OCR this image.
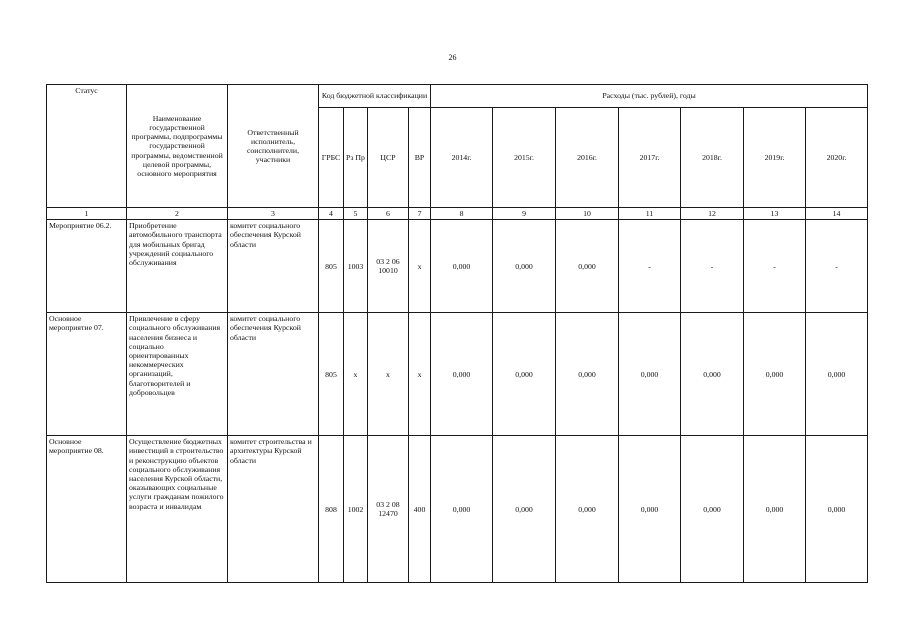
26
Статус	Наименование государственной программы, подпрограммы государственной программы, ведомственной целевой программы, основного мероприятия	Ответственный исполнитель, соисполнители, участники	Код бюджетной классификации				Расходы (тыс. рублей), годы						
			ГРБС	Рз Пр	ЦСР	ВР	2014г.	2015г.	2016г.	2017г.	2018г.	2019г.	2020г.
1	2	3	4	5	6	7	8	9	10	11	12	13	14
Мероприятие 06.2.	Приобретение автомобильного транспорта для мобильных бригад учреждений социального обслуживания	комитет социального обеспечения Курской области	805	1003	03 2 06 10010	х	0,000	0,000	0,000	-	-	-	-
Основное мероприятие 07.	Привлечение в сферу социального обслуживания населения бизнеса и социально ориентированных некоммерческих организаций, благотворителей и добровольцев	комитет социального обеспечения Курской области	805	х	х	х	0,000	0,000	0,000	0,000	0,000	0,000	0,000
Основное мероприятие 08.	Осуществление бюджетных инвестиций в строительство и реконструкцию объектов социального обслуживания населения Курской области, оказывающих социальные услуги гражданам пожилого возраста и инвалидам	комитет строительства и архитектуры Курской области	808	1002	03 2 08 12470	400	0,000	0,000	0,000	0,000	0,000	0,000	0,000
